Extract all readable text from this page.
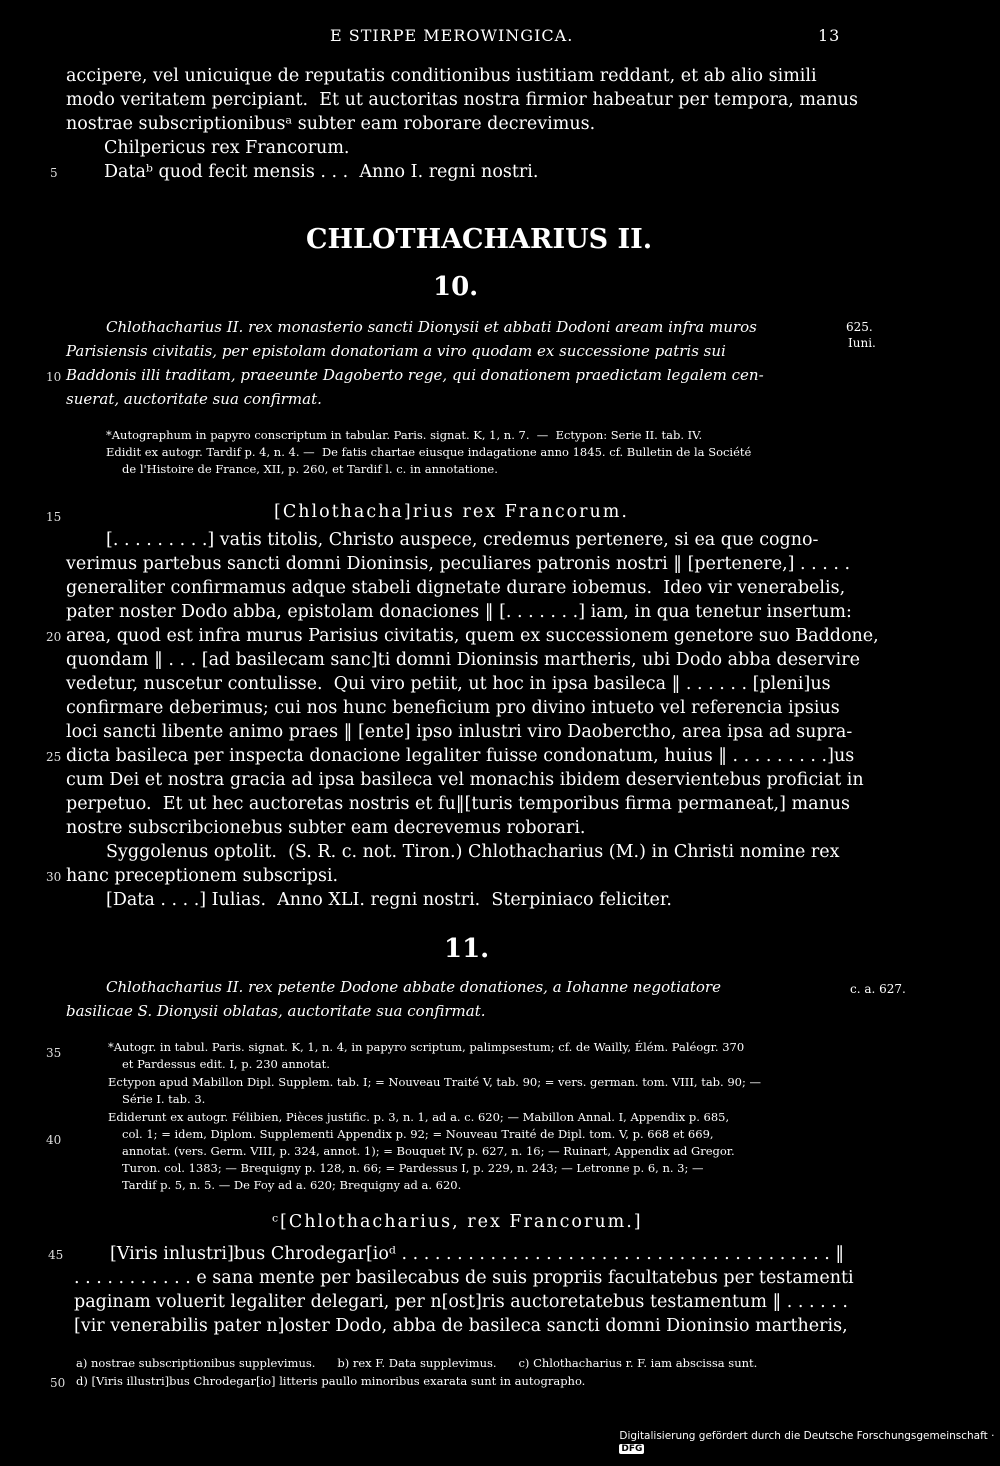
E STIRPE MEROWINGICA.	13
accipere, vel unicuique de reputatis conditionibus iustitiam reddant, et ab alio simili
modo veritatem percipiant.  Et ut auctoritas nostra firmior habeatur per tempora, manus
nostrae subscriptionibusᵃ subter eam roborare decrevimus.
Chilpericus rex Francorum.
5	Dataᵇ quod fecit mensis . . .  Anno I. regni nostri.
CHLOTHACHARIUS II.
10.
Chlothacharius II. rex monasterio sancti Dionysii et abbati Dodoni aream infra muros
Parisiensis civitatis, per epistolam donatoriam a viro quodam ex successione patris sui
10 Baddonis illi traditam, praeeunte Dagoberto rege, qui donationem praedictam legalem cen-
suerat, auctoritate sua confirmat.
625.
Iuni.
*Autographum in papyro conscriptum in tabular. Paris. signat. K, 1, n. 7.  —  Ectypon: Serie II. tab. IV.
Edidit ex autogr. Tardif p. 4, n. 4. —  De fatis chartae eiusque indagatione anno 1845. cf. Bulletin de la Société
de l'Histoire de France, XII, p. 260, et Tardif l. c. in annotatione.
15	[Chlothacha]rius rex Francorum.
[. . . . . . . . .] vatis titolis, Christo auspece, credemus pertenere, si ea que cogno-
verimus partebus sancti domni Dioninsis, peculiares patronis nostri ‖ [pertenere,] . . . . .
generaliter confirmamus adque stabeli dignetate durare iobemus.  Ideo vir venerabelis,
pater noster Dodo abba, epistolam donaciones ‖ [. . . . . . .] iam, in qua tenetur insertum:
20 area, quod est infra murus Parisius civitatis, quem ex successionem genetore suo Baddone,
quondam ‖ . . . [ad basilecam sanc]ti domni Dioninsis martheris, ubi Dodo abba deservire
vedetur, nuscetur contulisse.  Qui viro petiit, ut hoc in ipsa basileca ‖ . . . . . . [pleni]us
confirmare deberimus; cui nos hunc beneficium pro divino intueto vel referencia ipsius
loci sancti libente animo praes ‖ [ente] ipso inlustri viro Daoberctho, area ipsa ad supra-
25 dicta basileca per inspecta donacione legaliter fuisse condonatum, huius ‖ . . . . . . . . .]us
cum Dei et nostra gracia ad ipsa basileca vel monachis ibidem deservientebus proficiat in
perpetuo.  Et ut hec auctoretas nostris et fu‖[turis temporibus firma permaneat,] manus
nostre subscribcionebus subter eam decrevemus roborari.
Syggolenus optolit.  (S. R. c. not. Tiron.) Chlothacharius (M.) in Christi nomine rex
30 hanc preceptionem subscripsi.
[Data . . . .] Iulias.  Anno XLI. regni nostri.  Sterpiniaco feliciter.
11.
Chlothacharius II. rex petente Dodone abbate donationes, a Iohanne negotiatore
basilicae S. Dionysii oblatas, auctoritate sua confirmat.
c. a. 627.
35	*Autogr. in tabul. Paris. signat. K, 1, n. 4, in papyro scriptum, palimpsestum; cf. de Wailly, Élém. Paléogr. 370
et Pardessus edit. I, p. 230 annotat.
Ectypon apud Mabillon Dipl. Supplem. tab. I; = Nouveau Traité V, tab. 90; = vers. german. tom. VIII, tab. 90; —
Série I. tab. 3.
Ediderunt ex autogr. Félibien, Pièces justific. p. 3, n. 1, ad a. c. 620; — Mabillon Annal. I, Appendix p. 685,
40	col. 1; = idem, Diplom. Supplementi Appendix p. 92; = Nouveau Traité de Dipl. tom. V, p. 668 et 669,
annotat. (vers. Germ. VIII, p. 324, annot. 1); = Bouquet IV, p. 627, n. 16; — Ruinart, Appendix ad Gregor.
Turon. col. 1383; — Brequigny p. 128, n. 66; = Pardessus I, p. 229, n. 243; — Letronne p. 6, n. 3; —
Tardif p. 5, n. 5. — De Foy ad a. 620; Brequigny ad a. 620.
ᶜ[Chlothacharius, rex Francorum.]
45	[Viris inlustri]bus Chrodegar[ioᵈ . . . . . . . . . . . . . . . . . . . . . . . . . . . . . . . . . . . . . . . ‖
. . . . . . . . . . . e sana mente per basilecabus de suis propriis facultatebus per testamenti
paginam voluerit legaliter delegari, per n[ost]ris auctoretatebus testamentum ‖ . . . . . .
[vir venerabilis pater n]oster Dodo, abba de basileca sancti domni Dioninsio martheris,
a) nostrae subscriptionibus supplevimus.      b) rex F. Data supplevimus.      c) Chlothacharius r. F. iam abscissa sunt.
50 d) [Viris illustri]bus Chrodegar[io] litteris paullo minoribus exarata sunt in autographo.

Digitalisierung gefördert durch die Deutsche Forschungsgemeinschaft ·
DFG
